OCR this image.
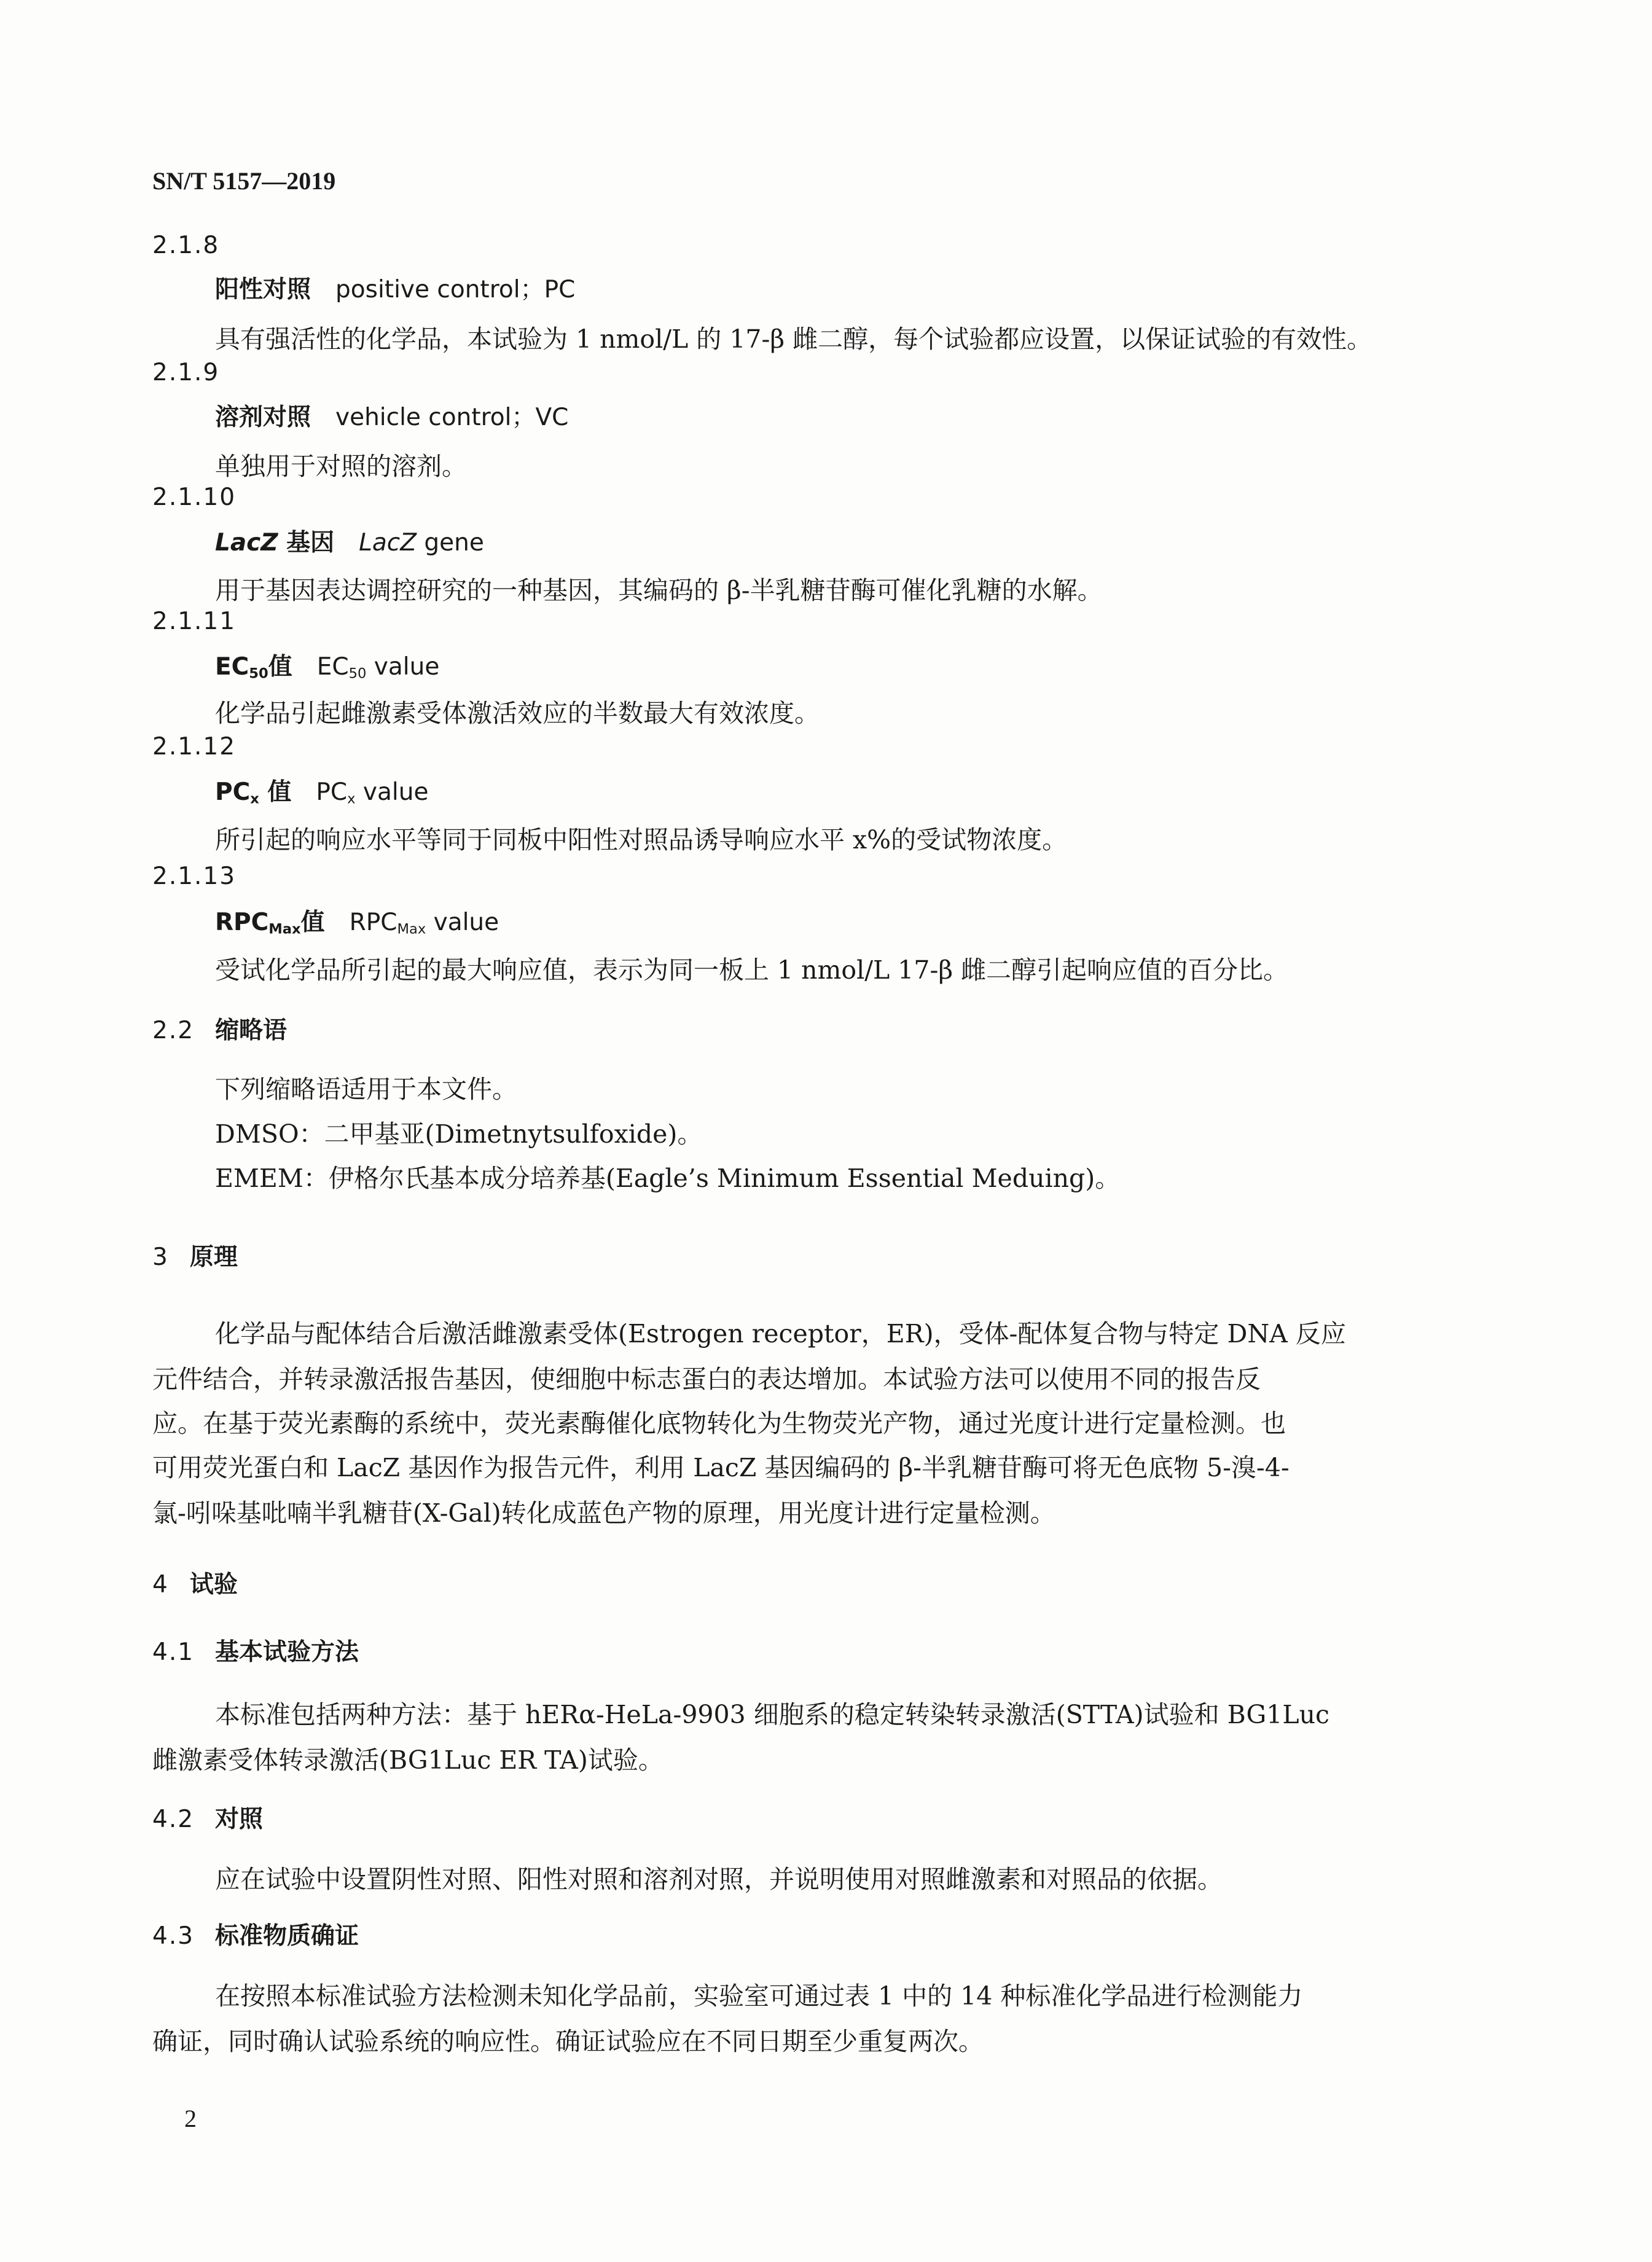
SN/T 5157—2019
2.1.8
阳性对照 positive control；PC
具有强活性的化学品，本试验为 1 nmol/L 的 17-β 雌二醇，每个试验都应设置，以保证试验的有效性。
2.1.9
溶剂对照 vehicle control；VC
单独用于对照的溶剂。
2.1.10
LacZ 基因 LacZ gene
用于基因表达调控研究的一种基因，其编码的 β-半乳糖苷酶可催化乳糖的水解。
2.1.11
$EC_{50}$值 $EC_{50}$ value
化学品引起雌激素受体激活效应的半数最大有效浓度。
2.1.12
$PC_x$ 值 $PC_x$ value
所引起的响应水平等同于同板中阳性对照品诱导响应水平 x%的受试物浓度。
2.1.13
$RPC_{Max}$值 $RPC_{Max}$ value
受试化学品所引起的最大响应值，表示为同一板上 1 nmol/L 17-β 雌二醇引起响应值的百分比。
2.2 缩略语
下列缩略语适用于本文件。
DMSO：二甲基亚(Dimetnytsulfoxide)。
EMEM：伊格尔氏基本成分培养基(Eagle’s Minimum Essential Meduing)。
3 原理
化学品与配体结合后激活雌激素受体(Estrogen receptor，ER)，受体-配体复合物与特定 DNA 反应
元件结合，并转录激活报告基因，使细胞中标志蛋白的表达增加。本试验方法可以使用不同的报告反
应。在基于荧光素酶的系统中，荧光素酶催化底物转化为生物荧光产物，通过光度计进行定量检测。也
可用荧光蛋白和 LacZ 基因作为报告元件，利用 LacZ 基因编码的 β-半乳糖苷酶可将无色底物 5-溴-4-
氯-吲哚基吡喃半乳糖苷(X-Gal)转化成蓝色产物的原理，用光度计进行定量检测。
4 试验
4.1 基本试验方法
本标准包括两种方法：基于 hERα-HeLa-9903 细胞系的稳定转染转录激活(STTA)试验和 BG1Luc
雌激素受体转录激活(BG1Luc ER TA)试验。
4.2 对照
应在试验中设置阴性对照、阳性对照和溶剂对照，并说明使用对照雌激素和对照品的依据。
4.3 标准物质确证
在按照本标准试验方法检测未知化学品前，实验室可通过表 1 中的 14 种标准化学品进行检测能力
确证，同时确认试验系统的响应性。确证试验应在不同日期至少重复两次。
2
